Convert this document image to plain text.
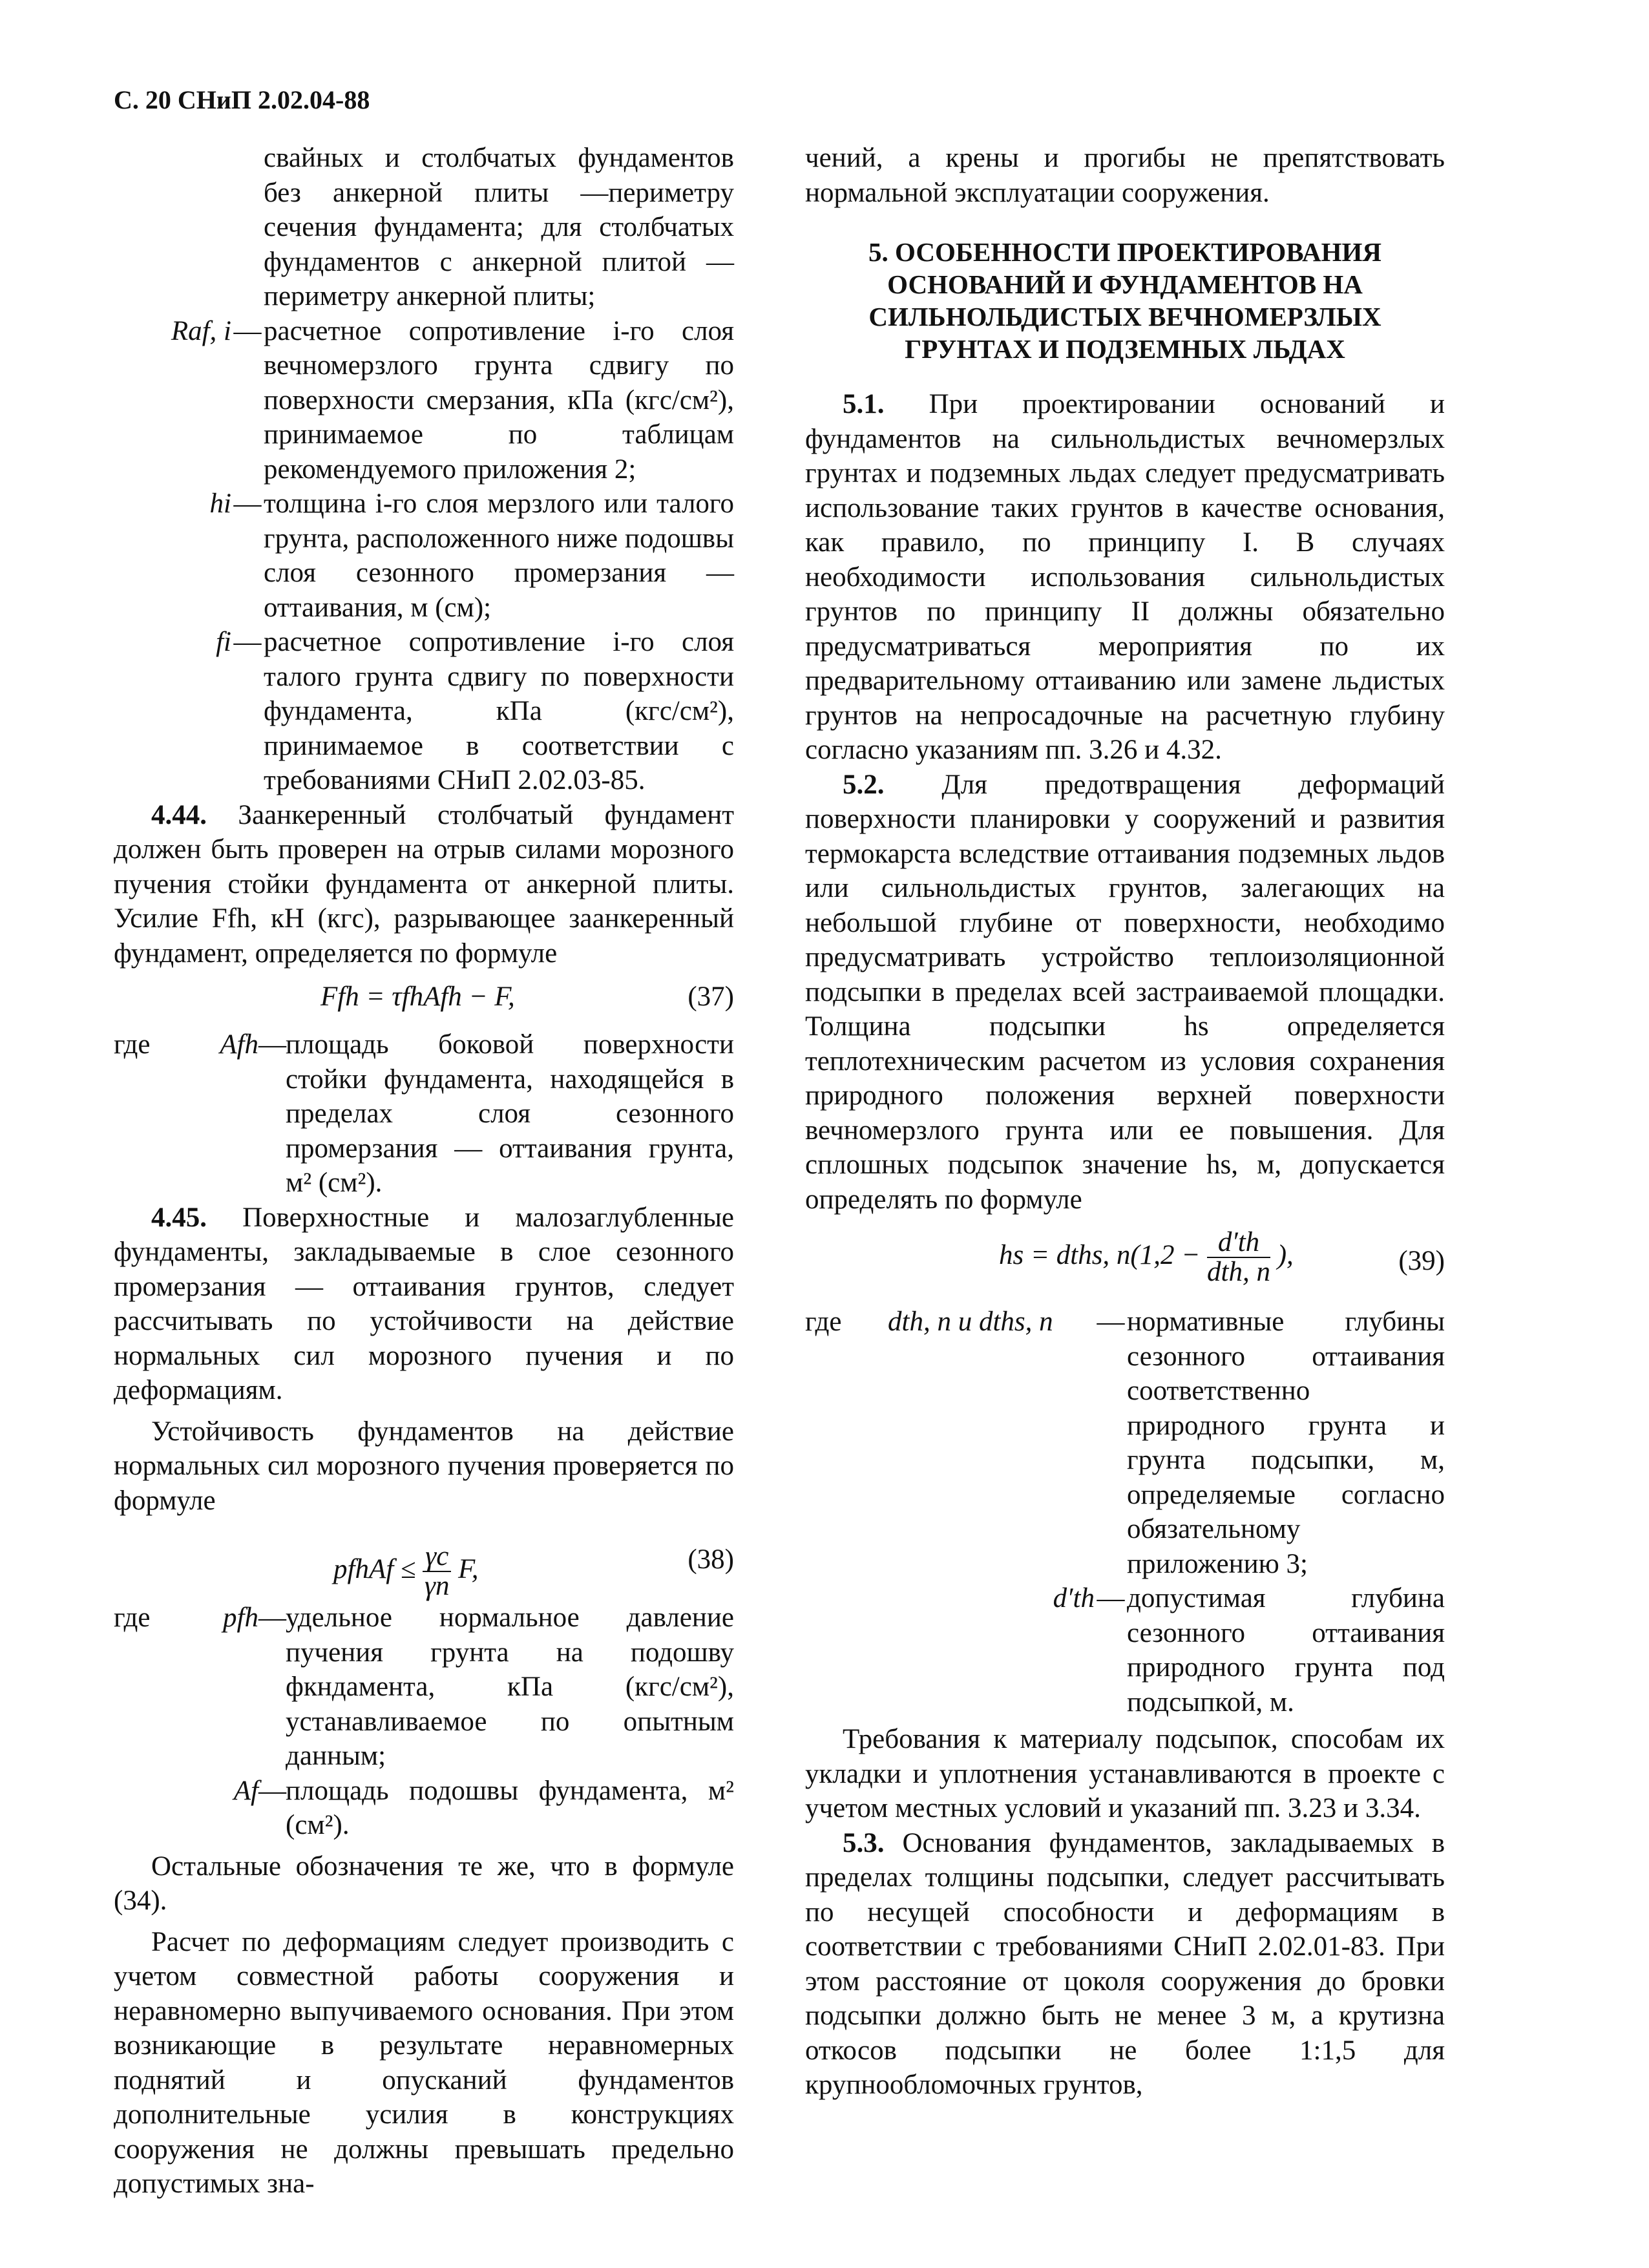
С. 20 СНиП 2.02.04-88

свайных и столбчатых фундаментов без анкерной плиты —периметру сечения фундамента; для столбчатых фундаментов с анкерной плитой — периметру анкерной плиты;

Raf, i — расчетное сопротивление i-го слоя вечномерзлого грунта сдвигу по поверхности смерзания, кПа (кгс/см²), принимаемое по таблицам рекомендуемого приложения 2;
hi — толщина i-го слоя мерзлого или талого грунта, расположенного ниже подошвы слоя сезонного промерзания — оттаивания, м (см);
fi — расчетное сопротивление i-го слоя талого грунта сдвигу по поверхности фундамента, кПа (кгс/см²), принимаемое в соответствии с требованиями СНиП 2.02.03-85.

4.44. Заанкеренный столбчатый фундамент должен быть проверен на отрыв силами морозного пучения стойки фундамента от анкерной плиты. Усилие Ffh, кН (кгс), разрывающее заанкеренный фундамент, определяется по формуле

Ffh = τfhAfh − F,	(37)
где	Afh — площадь боковой поверхности стойки фундамента, находящейся в пределах слоя сезонного промерзания — оттаивания грунта, м² (см²).

4.45. Поверхностные и малозаглубленные фундаменты, закладываемые в слое сезонного промерзания — оттаивания грунтов, следует рассчитывать по устойчивости на действие нормальных сил морозного пучения и по деформациям.

Устойчивость фундаментов на действие нормальных сил морозного пучения проверяется по формуле

pfhAf ≤ $\frac{\gamma c}{\gamma n} F$,	(38)
где	pfh — удельное нормальное давление пучения грунта на подошву фкндамента, кПа (кгс/см²), устанавливаемое по опытным данным;
Af — площадь подошвы фундамента, м² (см²).

Остальные обозначения те же, что в формуле (34).

Расчет по деформациям следует производить с учетом совместной работы сооружения и неравномерно выпучиваемого основания. При этом возникающие в результате неравномерных поднятий и опусканий фундаментов дополнительные усилия в конструкциях сооружения не должны превышать предельно допустимых зна-

чений, а крены и прогибы не препятствовать нормальной эксплуатации сооружения.

5. ОСОБЕННОСТИ ПРОЕКТИРОВАНИЯ ОСНОВАНИЙ И ФУНДАМЕНТОВ НА СИЛЬНОЛЬДИСТЫХ ВЕЧНОМЕРЗЛЫХ ГРУНТАХ И ПОДЗЕМНЫХ ЛЬДАХ

5.1. При проектировании оснований и фундаментов на сильнольдистых вечномерзлых грунтах и подземных льдах следует предусматривать использование таких грунтов в качестве основания, как правило, по принципу I. В случаях необходимости использования сильнольдистых грунтов по принципу II должны обязательно предусматриваться мероприятия по их предварительному оттаиванию или замене льдистых грунтов на непросадочные на расчетную глубину согласно указаниям пп. 3.26 и 4.32.

5.2. Для предотвращения деформаций поверхности планировки у сооружений и развития термокарста вследствие оттаивания подземных льдов или сильнольдистых грунтов, залегающих на небольшой глубине от поверхности, необходимо предусматривать устройство теплоизоляционной подсыпки в пределах всей застраиваемой площадки. Толщина подсыпки hs определяется теплотехническим расчетом из условия сохранения природного положения верхней поверхности вечномерзлого грунта или ее повышения. Для сплошных подсыпок значение hs, м, допускается определять по формуле

hs = dths, $n(1,2 - \frac{d'th}{\text{dth, n}}$ ),	(39)
где	dth, n и dths, n	— нормативные глубины сезонного оттаивания соответственно природного грунта и грунта подсыпки, м, определяемые согласно обязательному приложению 3;
d′th — допустимая глубина сезонного оттаивания природного грунта под подсыпкой, м.

Требования к материалу подсыпок, способам их укладки и уплотнения устанавливаются в проекте с учетом местных условий и указаний пп. 3.23 и 3.34.

5.3. Основания фундаментов, закладываемых в пределах толщины подсыпки, следует рассчитывать по несущей способности и деформациям в соответствии с требованиями СНиП 2.02.01-83. При этом расстояние от цоколя сооружения до бровки подсыпки должно быть не менее 3 м, а крутизна откосов подсыпки не более 1:1,5 для крупнообломочных грунтов,
